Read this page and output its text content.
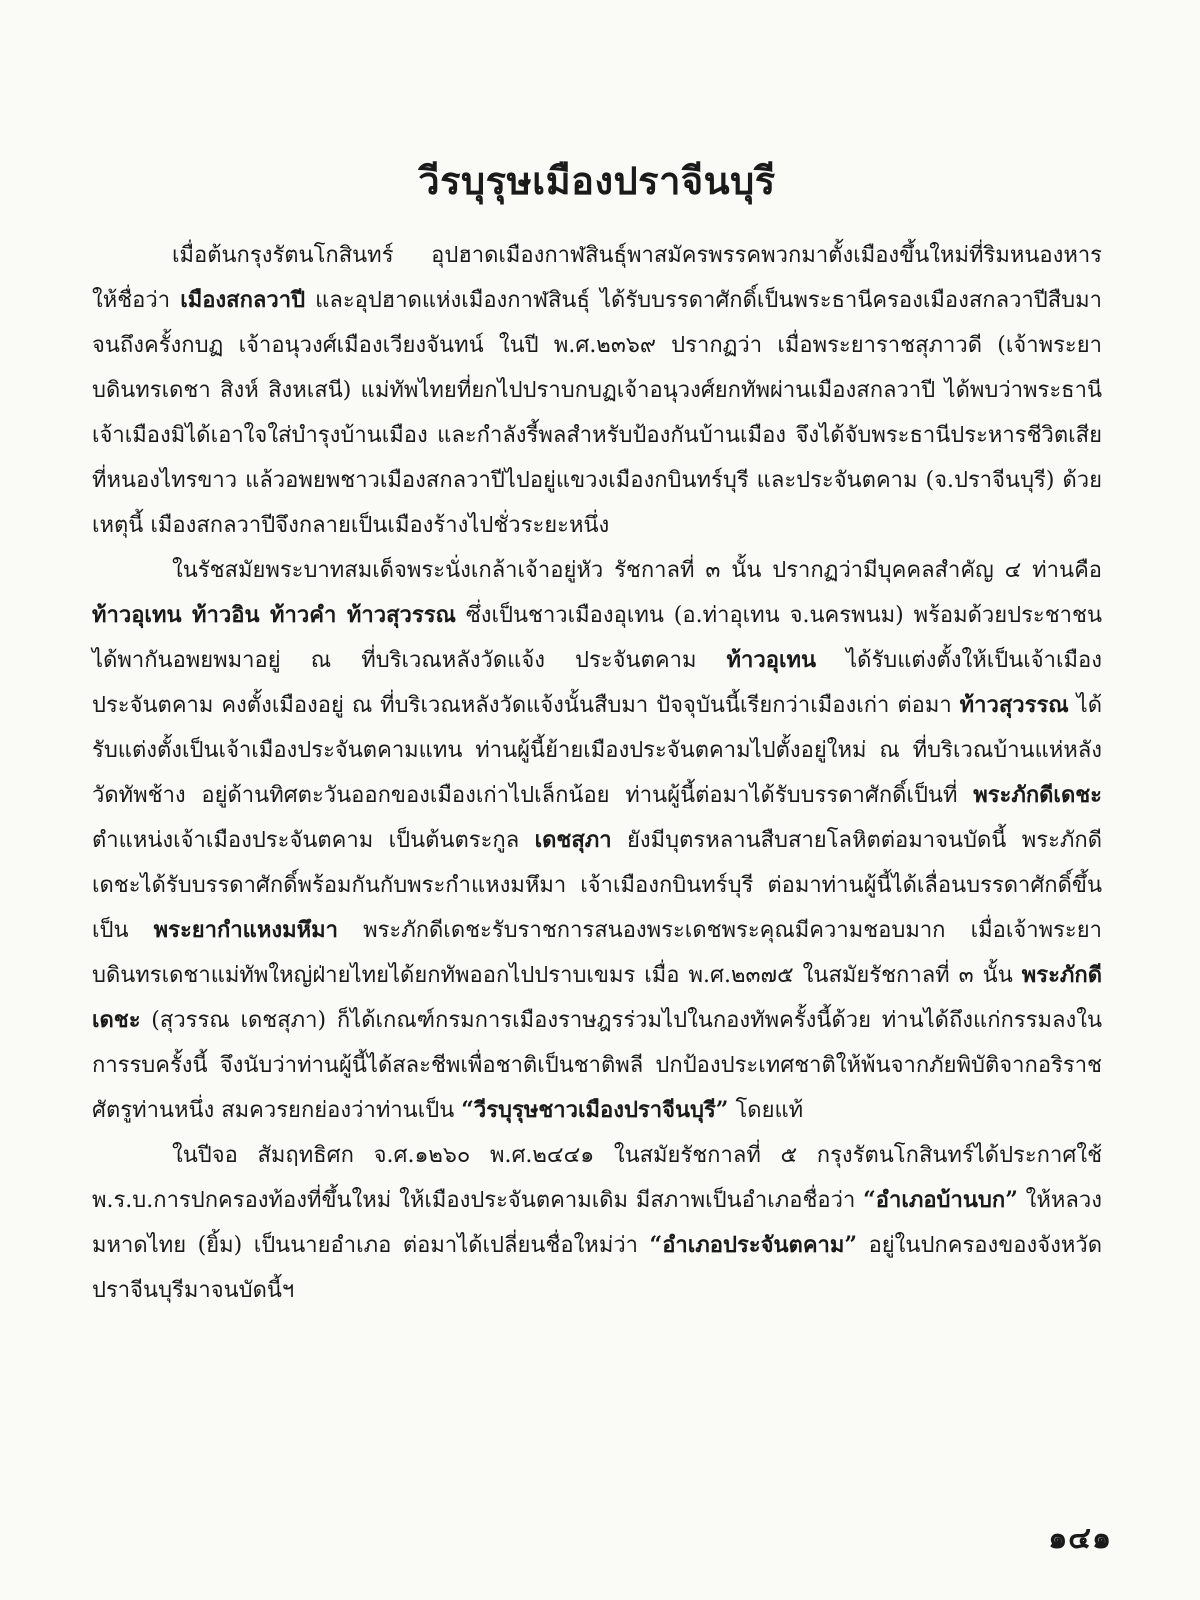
วีรบุรุษเมืองปราจีนบุรี

เมื่อต้นกรุงรัตนโกสินทร์ อุปฮาดเมืองกาฬสินธุ์พาสมัครพรรคพวกมาตั้งเมืองขึ้นใหม่ที่ริมหนองหาร ให้ชื่อว่า เมืองสกลวาปี และอุปฮาดแห่งเมืองกาฬสินธุ์ ได้รับบรรดาศักดิ์เป็นพระธานีครองเมืองสกลวาปีสืบมา จนถึงครั้งกบฏ เจ้าอนุวงศ์เมืองเวียงจันทน์ ในปี พ.ศ.๒๓๖๙ ปรากฏว่า เมื่อพระยาราชสุภาวดี (เจ้าพระยาบดินทรเดชา สิงห์ สิงหเสนี) แม่ทัพไทยที่ยกไปปราบกบฏเจ้าอนุวงศ์ยกทัพผ่านเมืองสกลวาปี ได้พบว่าพระธานีเจ้าเมืองมิได้เอาใจใส่บำรุงบ้านเมือง และกำลังรี้พลสำหรับป้องกันบ้านเมือง จึงได้จับพระธานีประหารชีวิตเสียที่หนองไทรขาว แล้วอพยพชาวเมืองสกลวาปีไปอยู่แขวงเมืองกบินทร์บุรี และประจันตคาม (จ.ปราจีนบุรี) ด้วยเหตุนี้ เมืองสกลวาปีจึงกลายเป็นเมืองร้างไปชั่วระยะหนึ่ง

ในรัชสมัยพระบาทสมเด็จพระนั่งเกล้าเจ้าอยู่หัว รัชกาลที่ ๓ นั้น ปรากฏว่ามีบุคคลสำคัญ ๔ ท่านคือ ท้าวอุเทน ท้าวอิน ท้าวคำ ท้าวสุวรรณ ซึ่งเป็นชาวเมืองอุเทน (อ.ท่าอุเทน จ.นครพนม) พร้อมด้วยประชาชนได้พากันอพยพมาอยู่ ณ ที่บริเวณหลังวัดแจ้ง ประจันตคาม ท้าวอุเทน ได้รับแต่งตั้งให้เป็นเจ้าเมืองประจันตคาม คงตั้งเมืองอยู่ ณ ที่บริเวณหลังวัดแจ้งนั้นสืบมา ปัจจุบันนี้เรียกว่าเมืองเก่า ต่อมา ท้าวสุวรรณ ได้รับแต่งตั้งเป็นเจ้าเมืองประจันตคามแทน ท่านผู้นี้ย้ายเมืองประจันตคามไปตั้งอยู่ใหม่ ณ ที่บริเวณบ้านแห่หลังวัดทัพช้าง อยู่ด้านทิศตะวันออกของเมืองเก่าไปเล็กน้อย ท่านผู้นี้ต่อมาได้รับบรรดาศักดิ์เป็นที่ พระภักดีเดชะ ตำแหน่งเจ้าเมืองประจันตคาม เป็นต้นตระกูล เดชสุภา ยังมีบุตรหลานสืบสายโลหิตต่อมาจนบัดนี้ พระภักดีเดชะได้รับบรรดาศักดิ์พร้อมกันกับพระกำแหงมหึมา เจ้าเมืองกบินทร์บุรี ต่อมาท่านผู้นี้ได้เลื่อนบรรดาศักดิ์ขึ้นเป็น พระยากำแหงมหึมา พระภักดีเดชะรับราชการสนองพระเดชพระคุณมีความชอบมาก เมื่อเจ้าพระยาบดินทรเดชาแม่ทัพใหญ่ฝ่ายไทยได้ยกทัพออกไปปราบเขมร เมื่อ พ.ศ.๒๓๗๕ ในสมัยรัชกาลที่ ๓ นั้น พระภักดีเดชะ (สุวรรณ เดชสุภา) ก็ได้เกณฑ์กรมการเมืองราษฎรร่วมไปในกองทัพครั้งนี้ด้วย ท่านได้ถึงแก่กรรมลงในการรบครั้งนี้ จึงนับว่าท่านผู้นี้ได้สละชีพเพื่อชาติเป็นชาติพลี ปกป้องประเทศชาติให้พ้นจากภัยพิบัติจากอริราชศัตรูท่านหนึ่ง สมควรยกย่องว่าท่านเป็น “วีรบุรุษชาวเมืองปราจีนบุรี” โดยแท้

ในปีจอ สัมฤทธิศก จ.ศ.๑๒๖๐ พ.ศ.๒๔๔๑ ในสมัยรัชกาลที่ ๕ กรุงรัตนโกสินทร์ได้ประกาศใช้ พ.ร.บ.การปกครองท้องที่ขึ้นใหม่ ให้เมืองประจันตคามเดิม มีสภาพเป็นอำเภอชื่อว่า “อำเภอบ้านบก” ให้หลวงมหาดไทย (ยิ้ม) เป็นนายอำเภอ ต่อมาได้เปลี่ยนชื่อใหม่ว่า “อำเภอประจันตคาม” อยู่ในปกครองของจังหวัดปราจีนบุรีมาจนบัดนี้ฯ

๑๔๑
